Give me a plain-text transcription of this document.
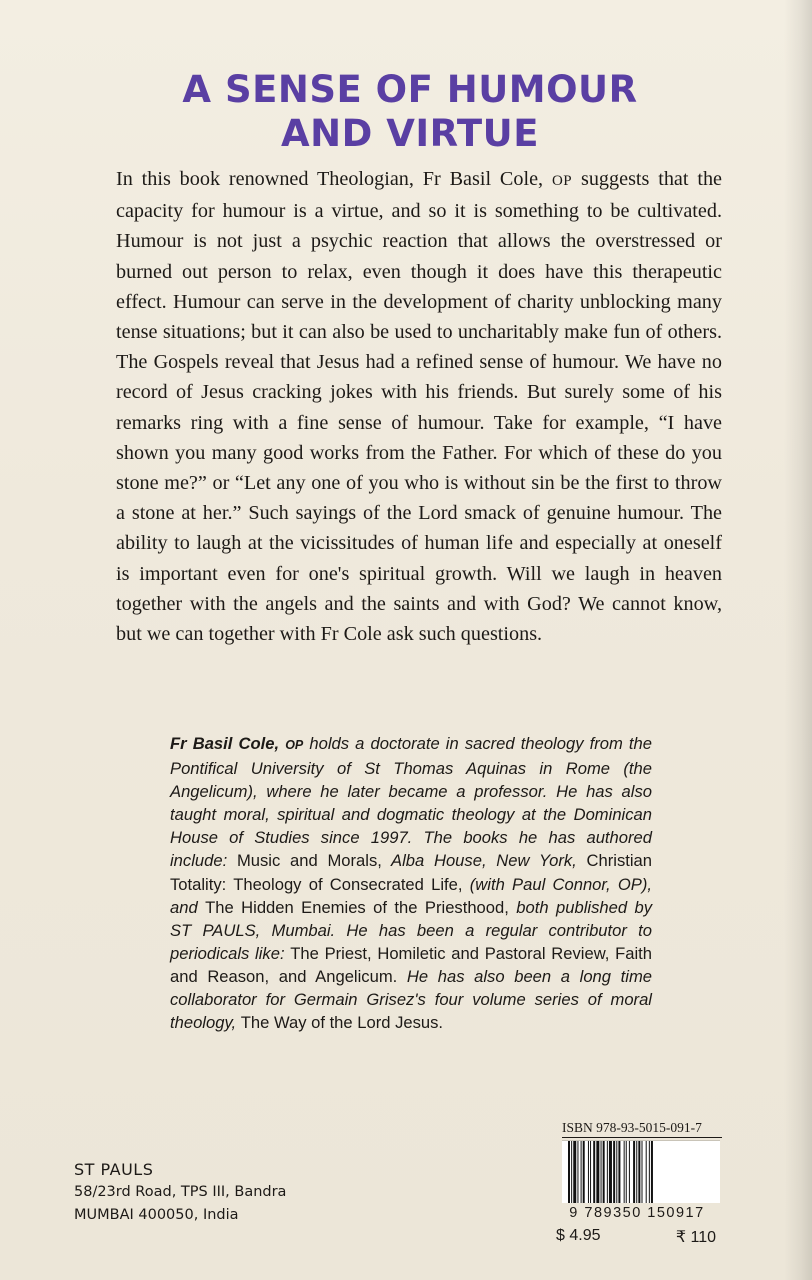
A SENSE OF HUMOUR
AND VIRTUE
In this book renowned Theologian, Fr Basil Cole, OP suggests that the capacity for humour is a virtue, and so it is something to be cultivated. Humour is not just a psychic reaction that allows the overstressed or burned out person to relax, even though it does have this therapeutic effect. Humour can serve in the development of charity unblocking many tense situations; but it can also be used to uncharitably make fun of others. The Gospels reveal that Jesus had a refined sense of humour. We have no record of Jesus cracking jokes with his friends. But surely some of his remarks ring with a fine sense of humour. Take for example, “I have shown you many good works from the Father. For which of these do you stone me?” or “Let any one of you who is without sin be the first to throw a stone at her.” Such sayings of the Lord smack of genuine humour. The ability to laugh at the vicissitudes of human life and especially at oneself is important even for one's spiritual growth. Will we laugh in heaven together with the angels and the saints and with God? We cannot know, but we can together with Fr Cole ask such questions.
Fr Basil Cole, OP holds a doctorate in sacred theology from the Pontifical University of St Thomas Aquinas in Rome (the Angelicum), where he later became a professor. He has also taught moral, spiritual and dogmatic theology at the Dominican House of Studies since 1997. The books he has authored include: Music and Morals, Alba House, New York, Christian Totality: Theology of Consecrated Life, (with Paul Connor, OP), and The Hidden Enemies of the Priesthood, both published by ST PAULS, Mumbai. He has been a regular contributor to periodicals like: The Priest, Homiletic and Pastoral Review, Faith and Reason, and Angelicum. He has also been a long time collaborator for Germain Grisez's four volume series of moral theology, The Way of the Lord Jesus.
ST PAULS
58/23rd Road, TPS III, Bandra
MUMBAI 400050, India
ISBN 978-93-5015-091-7
9 789350 150917
$ 4.95	₹ 110
